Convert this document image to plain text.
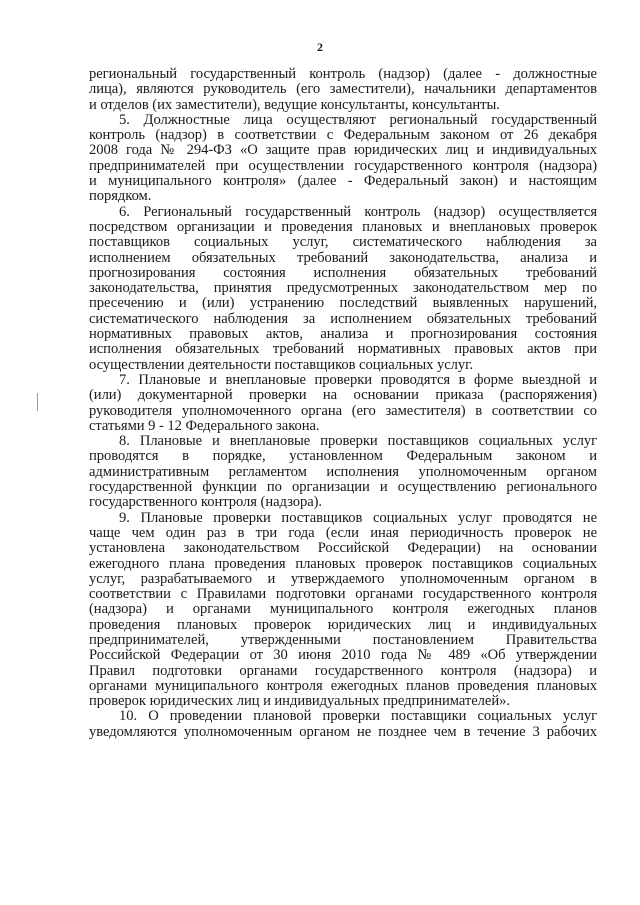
2

региональный государственный контроль (надзор) (далее - должностные
лица), являются руководитель (его заместители), начальники департаментов
и отделов (их заместители), ведущие консультанты, консультанты.

5. Должностные лица осуществляют региональный государственный
контроль (надзор) в соответствии с Федеральным законом от 26 декабря
2008 года № 294-ФЗ «О защите прав юридических лиц и индивидуальных
предпринимателей при осуществлении государственного контроля (надзора)
и муниципального контроля» (далее - Федеральный закон) и настоящим
порядком.

6. Региональный государственный контроль (надзор) осуществляется
посредством организации и проведения плановых и внеплановых проверок
поставщиков социальных услуг, систематического наблюдения за
исполнением обязательных требований законодательства, анализа и
прогнозирования состояния исполнения обязательных требований
законодательства, принятия предусмотренных законодательством мер по
пресечению и (или) устранению последствий выявленных нарушений,
систематического наблюдения за исполнением обязательных требований
нормативных правовых актов, анализа и прогнозирования состояния
исполнения обязательных требований нормативных правовых актов при
осуществлении деятельности поставщиков социальных услуг.

7. Плановые и внеплановые проверки проводятся в форме выездной и
(или) документарной проверки на основании приказа (распоряжения)
руководителя уполномоченного органа (его заместителя) в соответствии со
статьями 9 - 12 Федерального закона.

8. Плановые и внеплановые проверки поставщиков социальных услуг
проводятся в порядке, установленном Федеральным законом и
административным регламентом исполнения уполномоченным органом
государственной функции по организации и осуществлению регионального
государственного контроля (надзора).

9. Плановые проверки поставщиков социальных услуг проводятся не
чаще чем один раз в три года (если иная периодичность проверок не
установлена законодательством Российской Федерации) на основании
ежегодного плана проведения плановых проверок поставщиков социальных
услуг, разрабатываемого и утверждаемого уполномоченным органом в
соответствии с Правилами подготовки органами государственного контроля
(надзора) и органами муниципального контроля ежегодных планов
проведения плановых проверок юридических лиц и индивидуальных
предпринимателей, утвержденными постановлением Правительства
Российской Федерации от 30 июня 2010 года № 489 «Об утверждении
Правил подготовки органами государственного контроля (надзора) и
органами муниципального контроля ежегодных планов проведения плановых
проверок юридических лиц и индивидуальных предпринимателей».

10. О проведении плановой проверки поставщики социальных услуг
уведомляются уполномоченным органом не позднее чем в течение 3 рабочих
